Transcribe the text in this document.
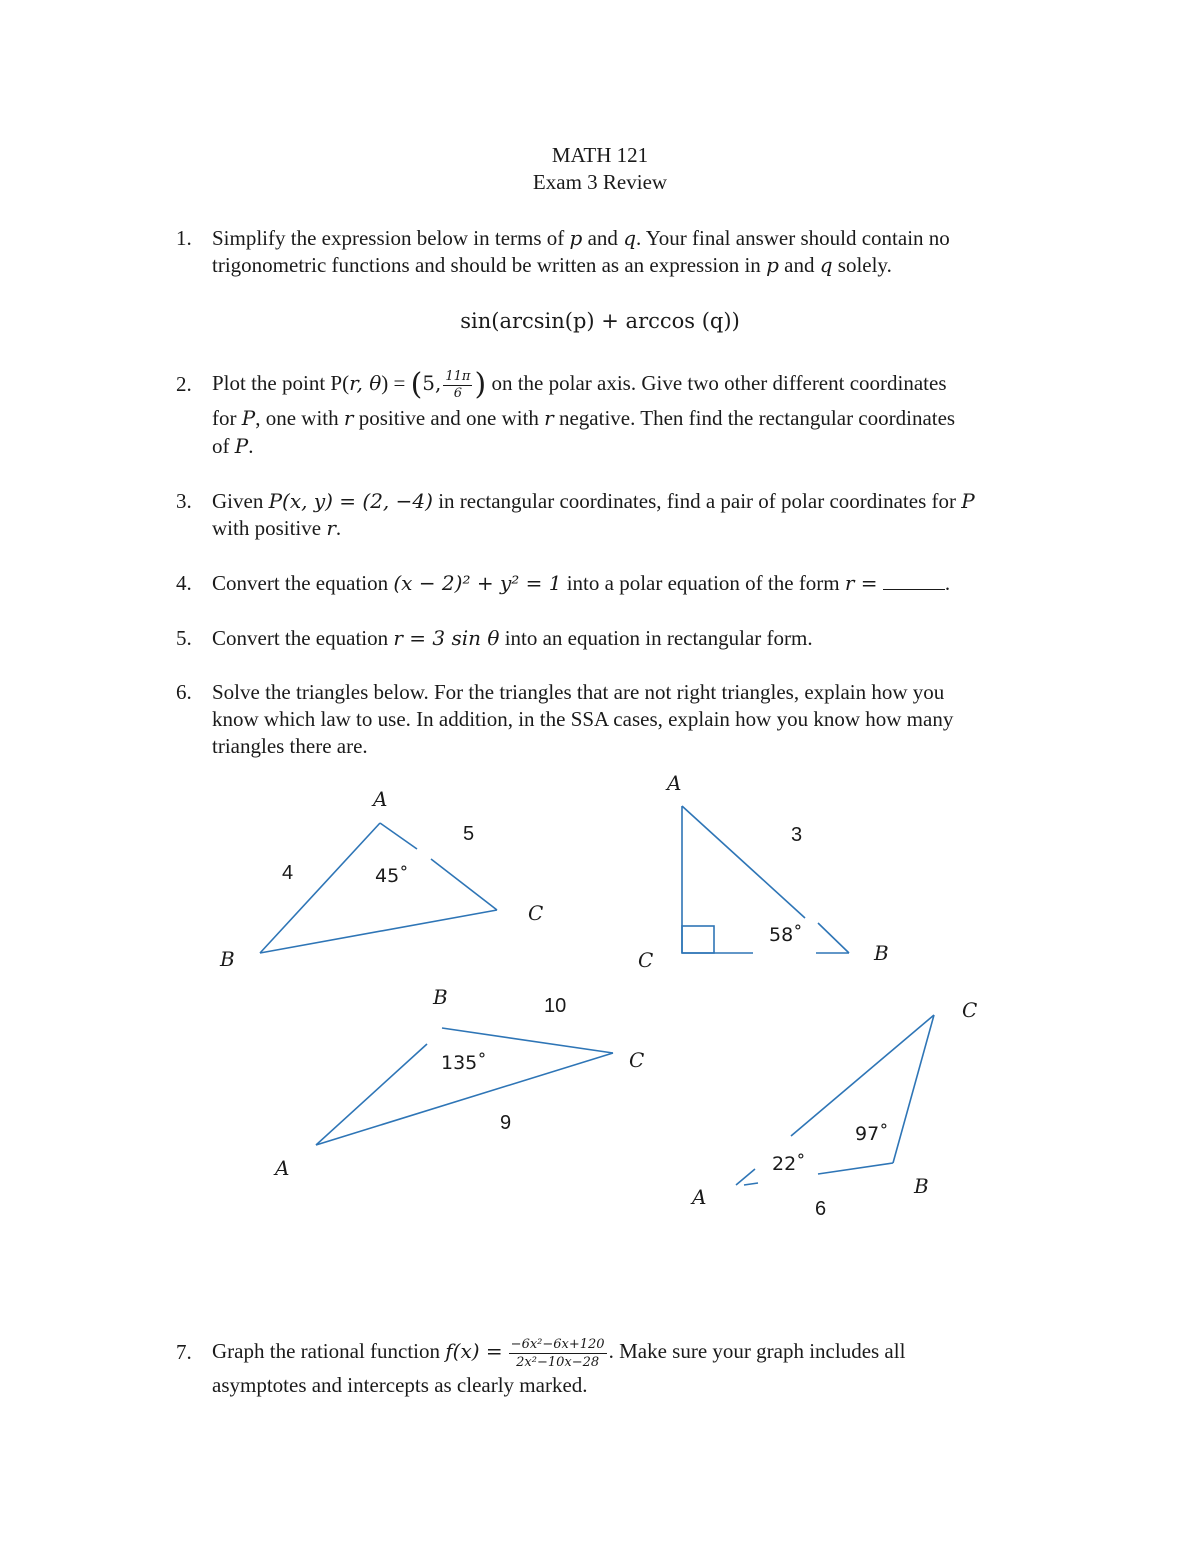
MATH 121
Exam 3 Review
1. Simplify the expression below in terms of p and q. Your final answer should contain no
trigonometric functions and should be written as an expression in p and q solely.
sin(arcsin(p) + arccos (q))
2. Plot the point P(r, θ) = (5, $\frac{11\pi}{6}$ ) on the polar axis. Give two other different coordinates
for P, one with r positive and one with r negative. Then find the rectangular coordinates
of P.
3. Given P(x, y) = (2, −4) in rectangular coordinates, find a pair of polar coordinates for P
with positive r.
4. Convert the equation (x − 2)² + y² = 1 into a polar equation of the form r =	.
5. Convert the equation r = 3 sin θ into an equation in rectangular form.
6. Solve the triangles below. For the triangles that are not right triangles, explain how you
know which law to use. In addition, in the SSA cases, explain how you know how many
triangles there are.
A
B
C
4
5
45˚
A
C	B
3
58˚
B
C
A
10
9
135˚
C
B
A	6
97˚
22˚
7. Graph the rational function $f(x) = \frac{\text{−6x²−6x+120}}{\text{2x²−10x−28}}$ . Make sure your graph includes all
asymptotes and intercepts as clearly marked.
